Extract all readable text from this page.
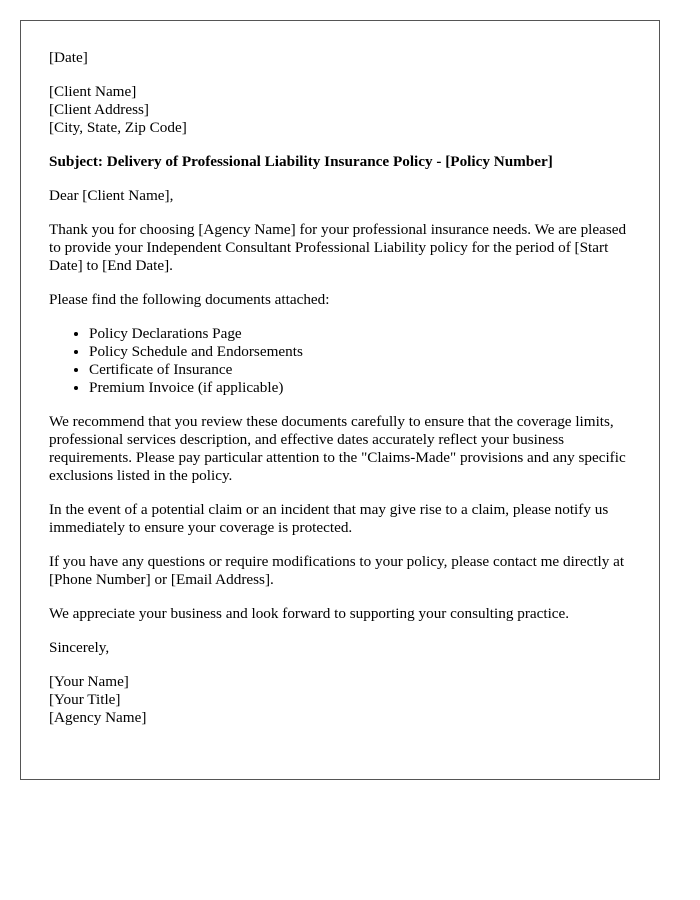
[Date]
[Client Name]
[Client Address]
[City, State, Zip Code]

Subject: Delivery of Professional Liability Insurance Policy - [Policy Number]

Dear [Client Name],

Thank you for choosing [Agency Name] for your professional insurance needs. We are pleased to provide your Independent Consultant Professional Liability policy for the period of [Start Date] to [End Date].

Please find the following documents attached:

• Policy Declarations Page
• Policy Schedule and Endorsements
• Certificate of Insurance
• Premium Invoice (if applicable)

We recommend that you review these documents carefully to ensure that the coverage limits, professional services description, and effective dates accurately reflect your business requirements. Please pay particular attention to the "Claims-Made" provisions and any specific exclusions listed in the policy.

In the event of a potential claim or an incident that may give rise to a claim, please notify us immediately to ensure your coverage is protected.

If you have any questions or require modifications to your policy, please contact me directly at [Phone Number] or [Email Address].

We appreciate your business and look forward to supporting your consulting practice.

Sincerely,

[Your Name]
[Your Title]
[Agency Name]
